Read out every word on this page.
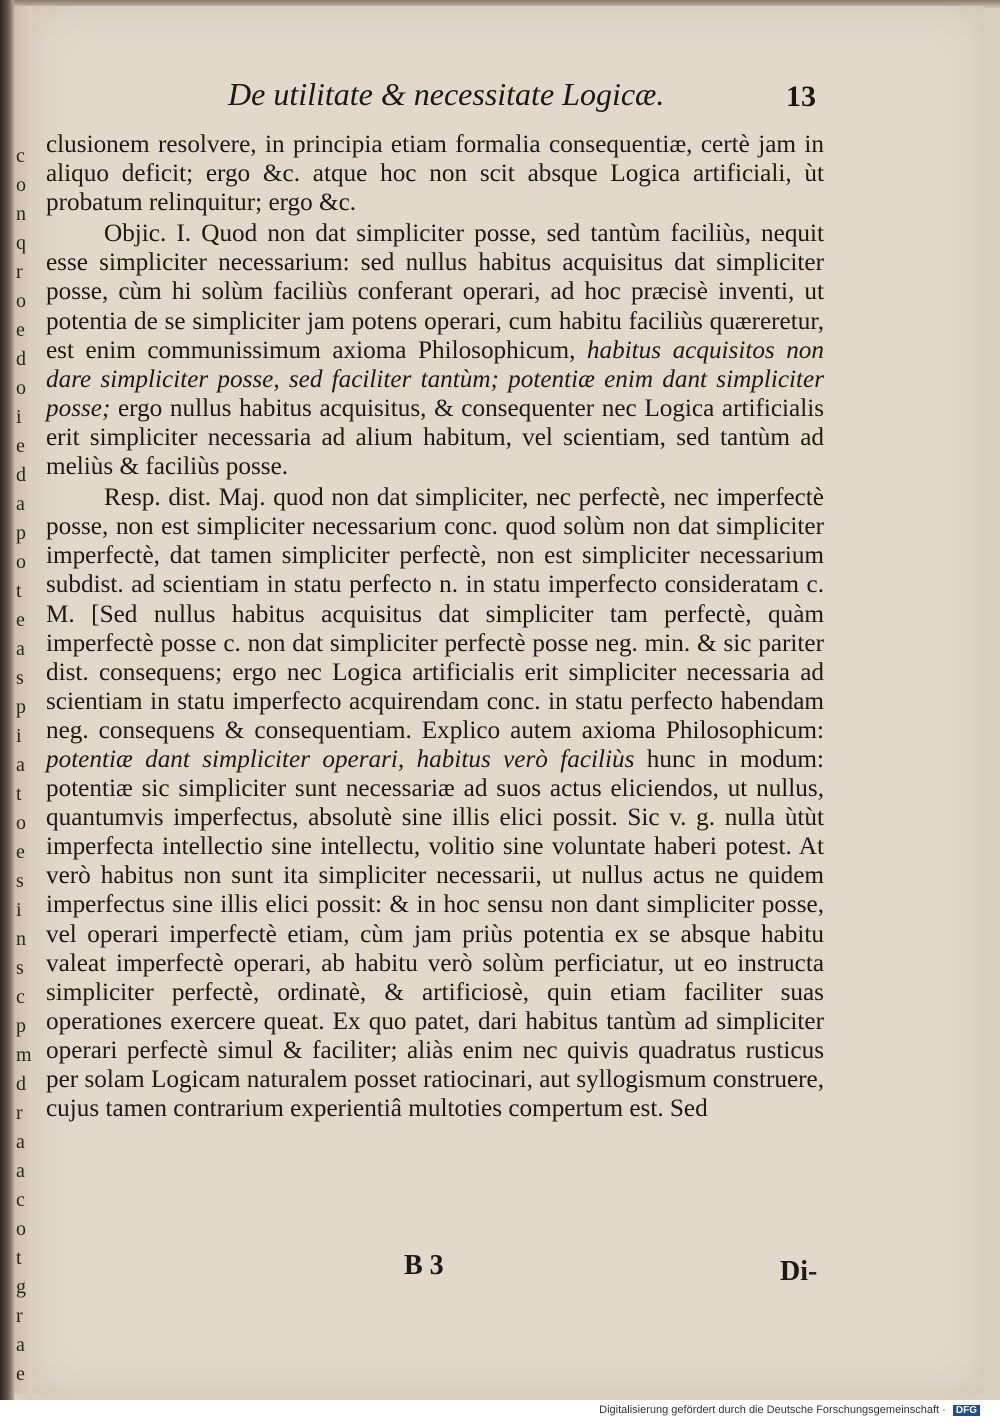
c
o
n
q
r
o
e
d
o
i
e
d
a
p
o
t
e
a
s
p
i
a
t
o
e
s
i
n
s
c
p
m
d
r
a
a
c
o
t
g
r
a
e
De utilitate & necessitate Logicæ.	13

clusionem resolvere, in principia etiam formalia consequentiæ, certè jam in aliquo deficit; ergo &c. atque hoc non scit absque Logica artificiali, ùt probatum relinquitur; ergo &c.

Objic. I. Quod non dat simpliciter posse, sed tantùm faciliùs, nequit esse simpliciter necessarium: sed nullus habitus acquisitus dat simpliciter posse, cùm hi solùm faciliùs conferant operari, ad hoc præcisè inventi, ut potentia de se simpliciter jam potens operari, cum habitu faciliùs quæreretur, est enim communissimum axioma Philosophicum, habitus acquisitos non dare simpliciter posse, sed faciliter tantùm; potentiæ enim dant simpliciter posse; ergo nullus habitus acquisitus, & consequenter nec Logica artificialis erit simpliciter necessaria ad alium habitum, vel scientiam, sed tantùm ad meliùs & faciliùs posse.

Resp. dist. Maj. quod non dat simpliciter, nec perfectè, nec imperfectè posse, non est simpliciter necessarium conc. quod solùm non dat simpliciter imperfectè, dat tamen simpliciter perfectè, non est simpliciter necessarium subdist. ad scientiam in statu perfecto n. in statu imperfecto consideratam c. M. [Sed nullus habitus acquisitus dat simpliciter tam perfectè, quàm imperfectè posse c. non dat simpliciter perfectè posse neg. min. & sic pariter dist. consequens; ergo nec Logica artificialis erit simpliciter necessaria ad scientiam in statu imperfecto acquirendam conc. in statu perfecto habendam neg. consequens & consequentiam. Explico autem axioma Philosophicum: potentiæ dant simpliciter operari, habitus verò faciliùs hunc in modum: potentiæ sic simpliciter sunt necessariæ ad suos actus eliciendos, ut nullus, quantumvis imperfectus, absolutè sine illis elici possit. Sic v. g. nulla ùtùt imperfecta intellectio sine intellectu, volitio sine voluntate haberi potest. At verò habitus non sunt ita simpliciter necessarii, ut nullus actus ne quidem imperfectus sine illis elici possit: & in hoc sensu non dant simpliciter posse, vel operari imperfectè etiam, cùm jam priùs potentia ex se absque habitu valeat imperfectè operari, ab habitu verò solùm perficiatur, ut eo instructa simpliciter perfectè, ordinatè, & artificiosè, quin etiam faciliter suas operationes exercere queat. Ex quo patet, dari habitus tantùm ad simpliciter operari perfectè simul & faciliter; aliàs enim nec quivis quadratus rusticus per solam Logicam naturalem posset ratiocinari, aut syllogismum construere, cujus tamen contrarium experientiâ multoties compertum est. Sed

B 3	Di-
Digitalisierung gefördert durch die Deutsche Forschungsgemeinschaft · DFG
